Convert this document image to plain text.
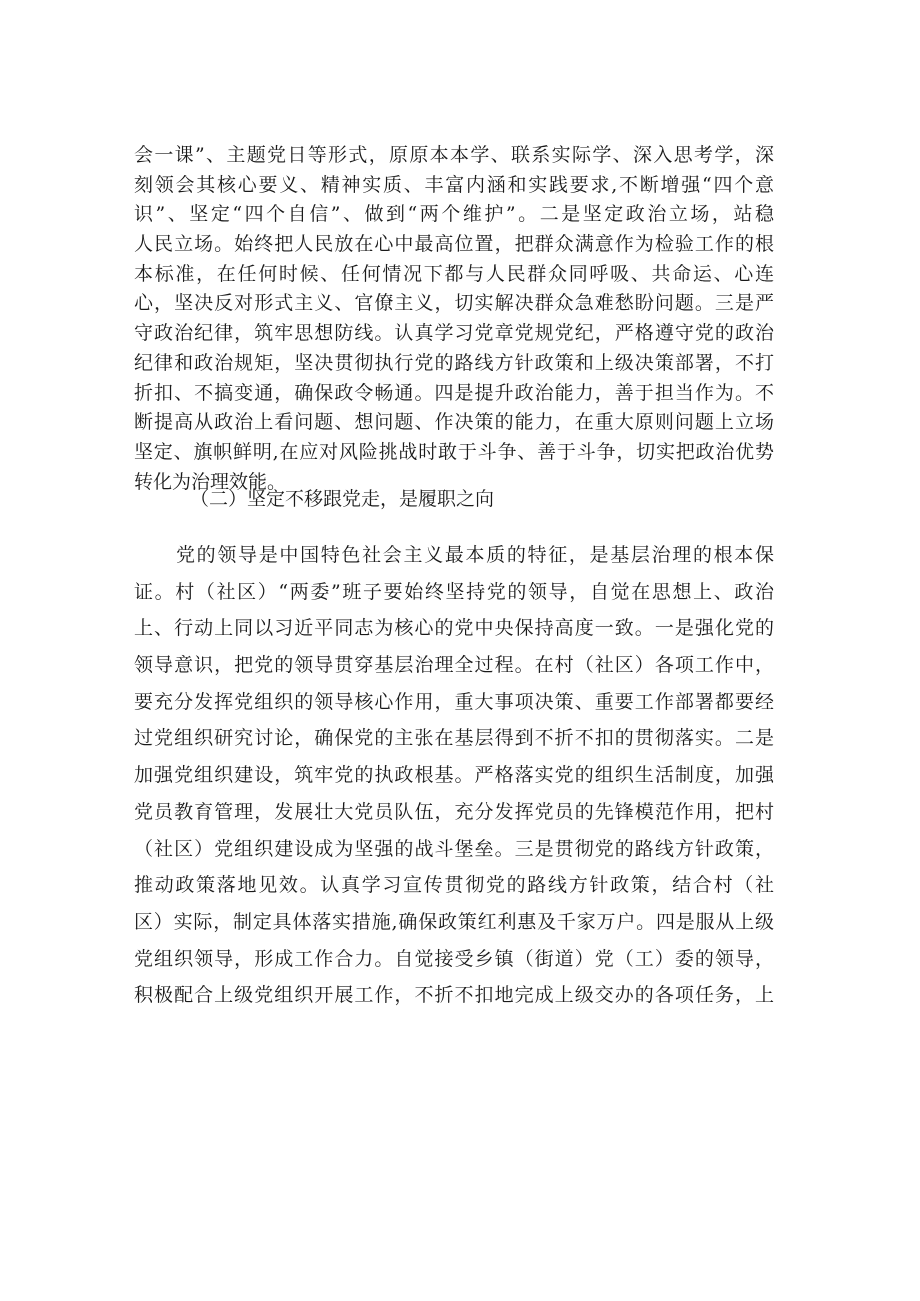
会一课”、主题党日等形式，原原本本学、联系实际学、深入思考学，深
刻领会其核心要义、精神实质、丰富内涵和实践要求,不断增强“四个意
识”、坚定“四个自信”、做到“两个维护”。二是坚定政治立场，站稳
人民立场。始终把人民放在心中最高位置，把群众满意作为检验工作的根
本标准，在任何时候、任何情况下都与人民群众同呼吸、共命运、心连
心，坚决反对形式主义、官僚主义，切实解决群众急难愁盼问题。三是严
守政治纪律，筑牢思想防线。认真学习党章党规党纪，严格遵守党的政治
纪律和政治规矩，坚决贯彻执行党的路线方针政策和上级决策部署，不打
折扣、不搞变通，确保政令畅通。四是提升政治能力，善于担当作为。不
断提高从政治上看问题、想问题、作决策的能力，在重大原则问题上立场
坚定、旗帜鲜明,在应对风险挑战时敢于斗争、善于斗争，切实把政治优势
转化为治理效能。
（二）坚定不移跟党走，是履职之向
党的领导是中国特色社会主义最本质的特征，是基层治理的根本保
证。村（社区）“两委”班子要始终坚持党的领导，自觉在思想上、政治
上、行动上同以习近平同志为核心的党中央保持高度一致。一是强化党的
领导意识，把党的领导贯穿基层治理全过程。在村（社区）各项工作中，
要充分发挥党组织的领导核心作用，重大事项决策、重要工作部署都要经
过党组织研究讨论，确保党的主张在基层得到不折不扣的贯彻落实。二是
加强党组织建设，筑牢党的执政根基。严格落实党的组织生活制度，加强
党员教育管理，发展壮大党员队伍，充分发挥党员的先锋模范作用，把村
（社区）党组织建设成为坚强的战斗堡垒。三是贯彻党的路线方针政策，
推动政策落地见效。认真学习宣传贯彻党的路线方针政策，结合村（社
区）实际，制定具体落实措施,确保政策红利惠及千家万户。四是服从上级
党组织领导，形成工作合力。自觉接受乡镇（街道）党（工）委的领导，
积极配合上级党组织开展工作，不折不扣地完成上级交办的各项任务，上
